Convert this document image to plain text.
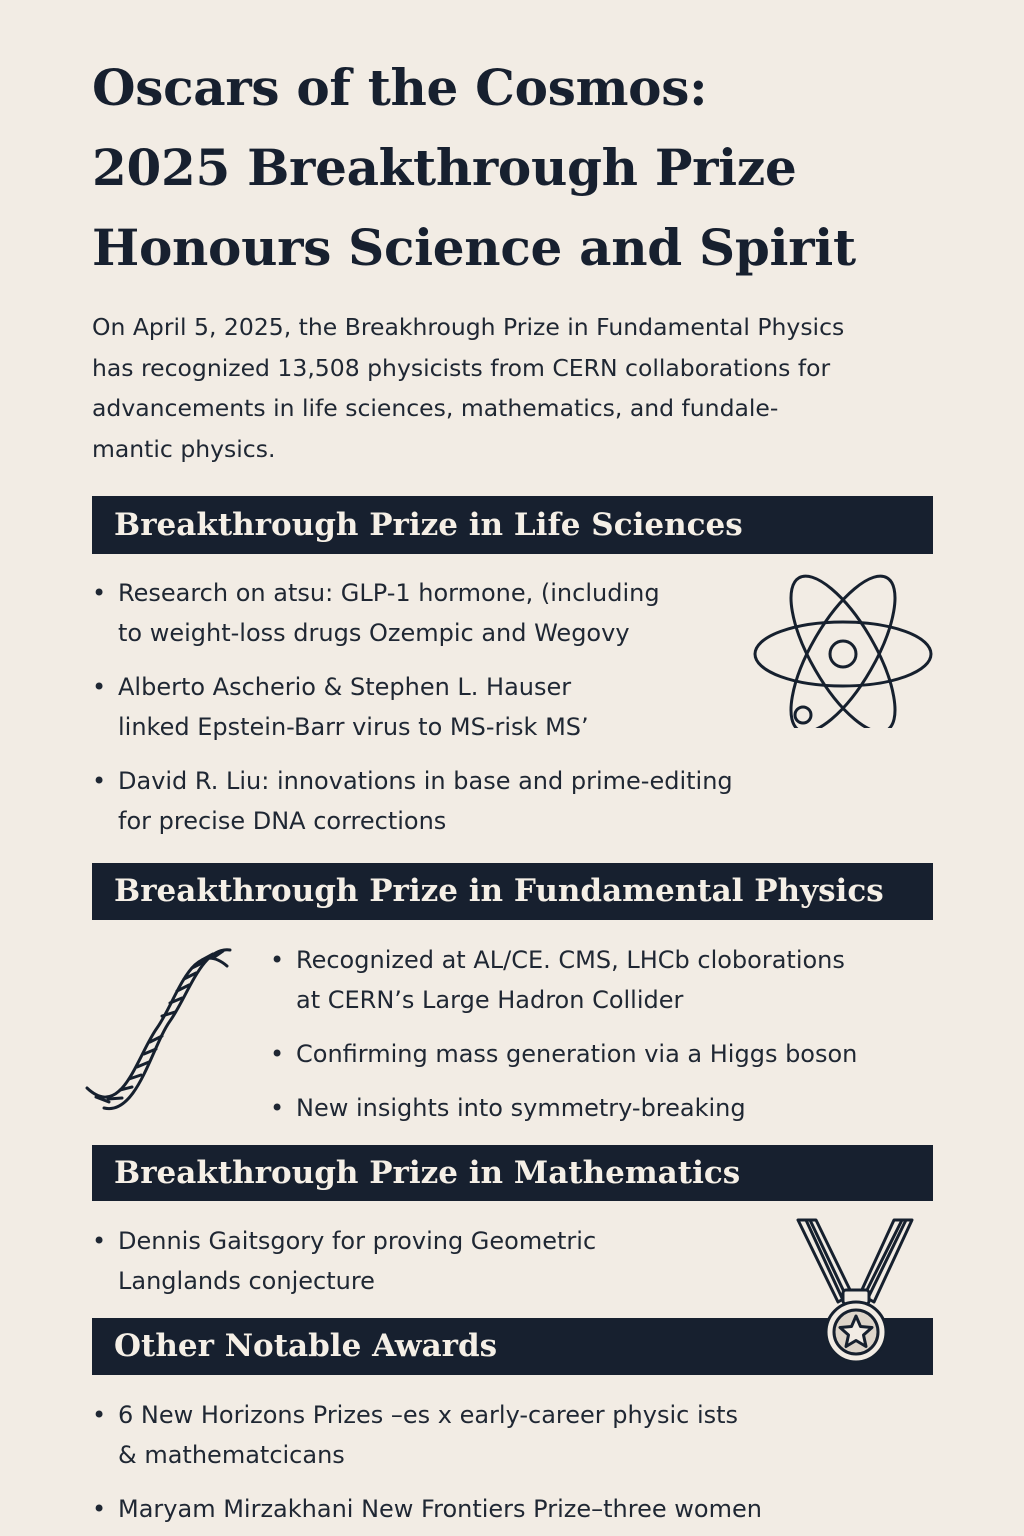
Oscars of the Cosmos:
2025 Breakthrough Prize
Honours Science and Spirit

On April 5, 2025, the Breakhrough Prize in Fundamental Physics
has recognized 13,508 physicists from CERN collaborations for
advancements in life sciences, mathematics, and fundale-
mantic physics.

Breakthrough Prize in Life Sciences
• Research on atsu: GLP-1 hormone, (including
to weight-loss drugs Ozempic and Wegovy
• Alberto Ascherio & Stephen L. Hauser
linked Epstein-Barr virus to MS-risk MS’
• David R. Liu: innovations in base and prime-editing
for precise DNA corrections
Breakthrough Prize in Fundamental Physics
• Recognized at AL/CE. CMS, LHCb cloborations
at CERN’s Large Hadron Collider
• Confirming mass generation via a Higgs boson
• New insights into symmetry-breaking
Breakthrough Prize in Mathematics
• Dennis Gaitsgory for proving Geometric
Langlands conjecture
Other Notable Awards
• 6 New Horizons Prizes –es x early-career physic ists
& mathematcicans
• Maryam Mirzakhani New Frontiers Prize–three women
